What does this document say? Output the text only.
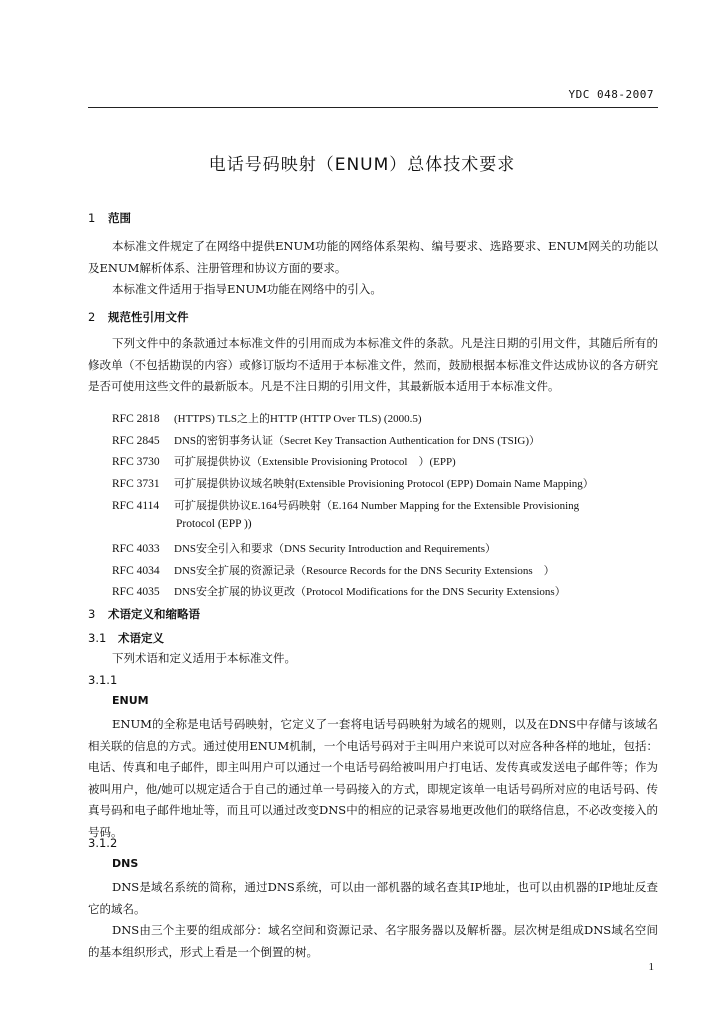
YDC 048-2007
电话号码映射（ENUM）总体技术要求
1 范围
本标准文件规定了在网络中提供ENUM功能的网络体系架构、编号要求、选路要求、ENUM网关的功能以及ENUM解析体系、注册管理和协议方面的要求。
本标准文件适用于指导ENUM功能在网络中的引入。
2 规范性引用文件
下列文件中的条款通过本标准文件的引用而成为本标准文件的条款。凡是注日期的引用文件，其随后所有的修改单（不包括勘误的内容）或修订版均不适用于本标准文件，然而，鼓励根据本标准文件达成协议的各方研究是否可使用这些文件的最新版本。凡是不注日期的引用文件，其最新版本适用于本标准文件。
RFC 2818 (HTTPS) TLS之上的HTTP (HTTP Over TLS) (2000.5)
RFC 2845 DNS的密钥事务认证（Secret Key Transaction Authentication for DNS (TSIG)）
RFC 3730 可扩展提供协议（Extensible Provisioning Protocol　）(EPP)
RFC 3731 可扩展提供协议域名映射(Extensible Provisioning Protocol (EPP) Domain Name Mapping）
RFC 4114 可扩展提供协议E.164号码映射（E.164 Number Mapping for the Extensible Provisioning
Protocol (EPP ))
RFC 4033 DNS安全引入和要求（DNS Security Introduction and Requirements）
RFC 4034 DNS安全扩展的资源记录（Resource Records for the DNS Security Extensions　）
RFC 4035 DNS安全扩展的协议更改（Protocol Modifications for the DNS Security Extensions）
3 术语定义和缩略语
3.1 术语定义
下列术语和定义适用于本标准文件。
3.1.1
ENUM
ENUM的全称是电话号码映射，它定义了一套将电话号码映射为域名的规则，以及在DNS中存储与该域名相关联的信息的方式。通过使用ENUM机制，一个电话号码对于主叫用户来说可以对应各种各样的地址，包括：电话、传真和电子邮件，即主叫用户可以通过一个电话号码给被叫用户打电话、发传真或发送电子邮件等；作为被叫用户，他/她可以规定适合于自己的通过单一号码接入的方式，即规定该单一电话号码所对应的电话号码、传真号码和电子邮件地址等，而且可以通过改变DNS中的相应的记录容易地更改他们的联络信息，不必改变接入的号码。
3.1.2
DNS
DNS是域名系统的简称，通过DNS系统，可以由一部机器的域名查其IP地址，也可以由机器的IP地址反查它的域名。
DNS由三个主要的组成部分：域名空间和资源记录、名字服务器以及解析器。层次树是组成DNS域名空间的基本组织形式，形式上看是一个倒置的树。
1
